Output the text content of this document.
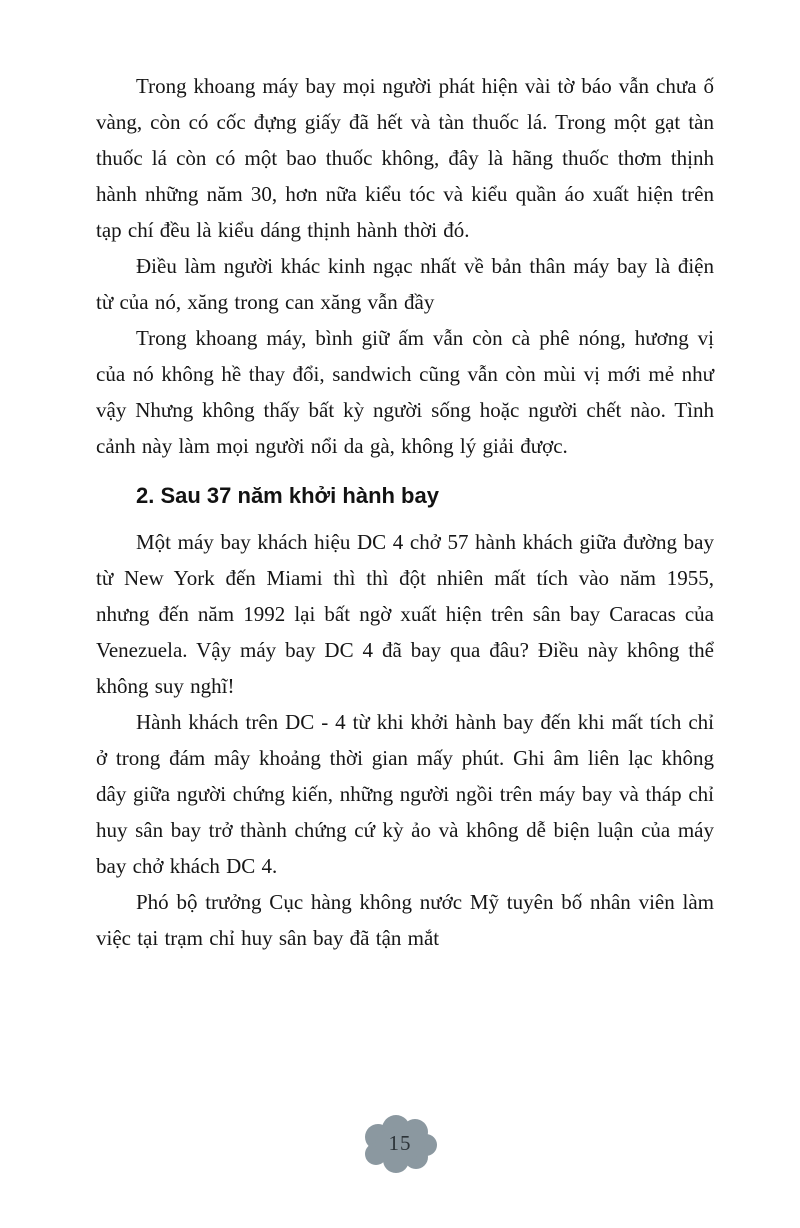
Trong khoang máy bay mọi người phát hiện vài tờ báo vẫn chưa ố vàng, còn có cốc đựng giấy đã hết và tàn thuốc lá. Trong một gạt tàn thuốc lá còn có một bao thuốc không, đây là hãng thuốc thơm thịnh hành những năm 30, hơn nữa kiểu tóc và kiểu quần áo xuất hiện trên tạp chí đều là kiểu dáng thịnh hành thời đó.

Điều làm người khác kinh ngạc nhất về bản thân máy bay là điện từ của nó, xăng trong can xăng vẫn đầy

Trong khoang máy, bình giữ ấm vẫn còn cà phê nóng, hương vị của nó không hề thay đổi, sandwich cũng vẫn còn mùi vị mới mẻ như vậy Nhưng không thấy bất kỳ người sống hoặc người chết nào. Tình cảnh này làm mọi người nổi da gà, không lý giải được.

2. Sau 37 năm khởi hành bay

Một máy bay khách hiệu DC 4 chở 57 hành khách giữa đường bay từ New York đến Miami thì thì đột nhiên mất tích vào năm 1955, nhưng đến năm 1992 lại bất ngờ xuất hiện trên sân bay Caracas của Venezuela. Vậy máy bay DC 4 đã bay qua đâu? Điều này không thể không suy nghĩ!

Hành khách trên DC - 4 từ khi khởi hành bay đến khi mất tích chỉ ở trong đám mây khoảng thời gian mấy phút. Ghi âm liên lạc không dây giữa người chứng kiến, những người ngồi trên máy bay và tháp chỉ huy sân bay trở thành chứng cứ kỳ ảo và không dễ biện luận của máy bay chở khách DC 4.

Phó bộ trưởng Cục hàng không nước Mỹ tuyên bố nhân viên làm việc tại trạm chỉ huy sân bay đã tận mắt

15
